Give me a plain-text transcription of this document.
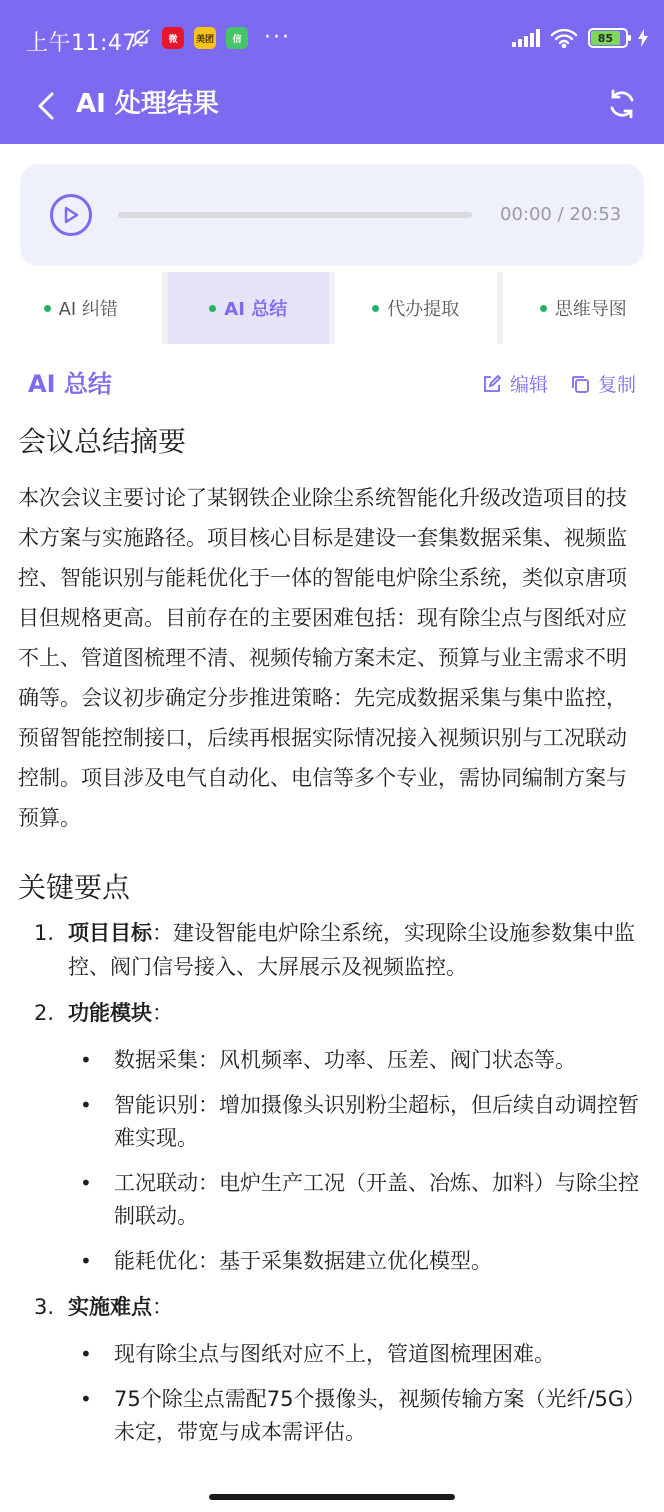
上午11:47	微	美团	信 ···	85
AI 处理结果
00:00 / 20:53
AI 纠错	AI 总结	代办提取	思维导图
AI 总结	编辑	复制
会议总结摘要

本次会议主要讨论了某钢铁企业除尘系统智能化升级改造项目的技术方案与实施路径。项目核心目标是建设一套集数据采集、视频监控、智能识别与能耗优化于一体的智能电炉除尘系统，类似京唐项目但规格更高。目前存在的主要困难包括：现有除尘点与图纸对应不上、管道图梳理不清、视频传输方案未定、预算与业主需求不明确等。会议初步确定分步推进策略：先完成数据采集与集中监控，预留智能控制接口，后续再根据实际情况接入视频识别与工况联动控制。项目涉及电气自动化、电信等多个专业，需协同编制方案与预算。

关键要点
1. 项目目标：建设智能电炉除尘系统，实现除尘设施参数集中监控、阀门信号接入、大屏展示及视频监控。
2. 功能模块：
• 数据采集：风机频率、功率、压差、阀门状态等。
• 智能识别：增加摄像头识别粉尘超标，但后续自动调控暂难实现。
• 工况联动：电炉生产工况（开盖、冶炼、加料）与除尘控制联动。
• 能耗优化：基于采集数据建立优化模型。
3. 实施难点：
• 现有除尘点与图纸对应不上，管道图梳理困难。
• 75个除尘点需配75个摄像头，视频传输方案（光纤/5G）未定，带宽与成本需评估。
